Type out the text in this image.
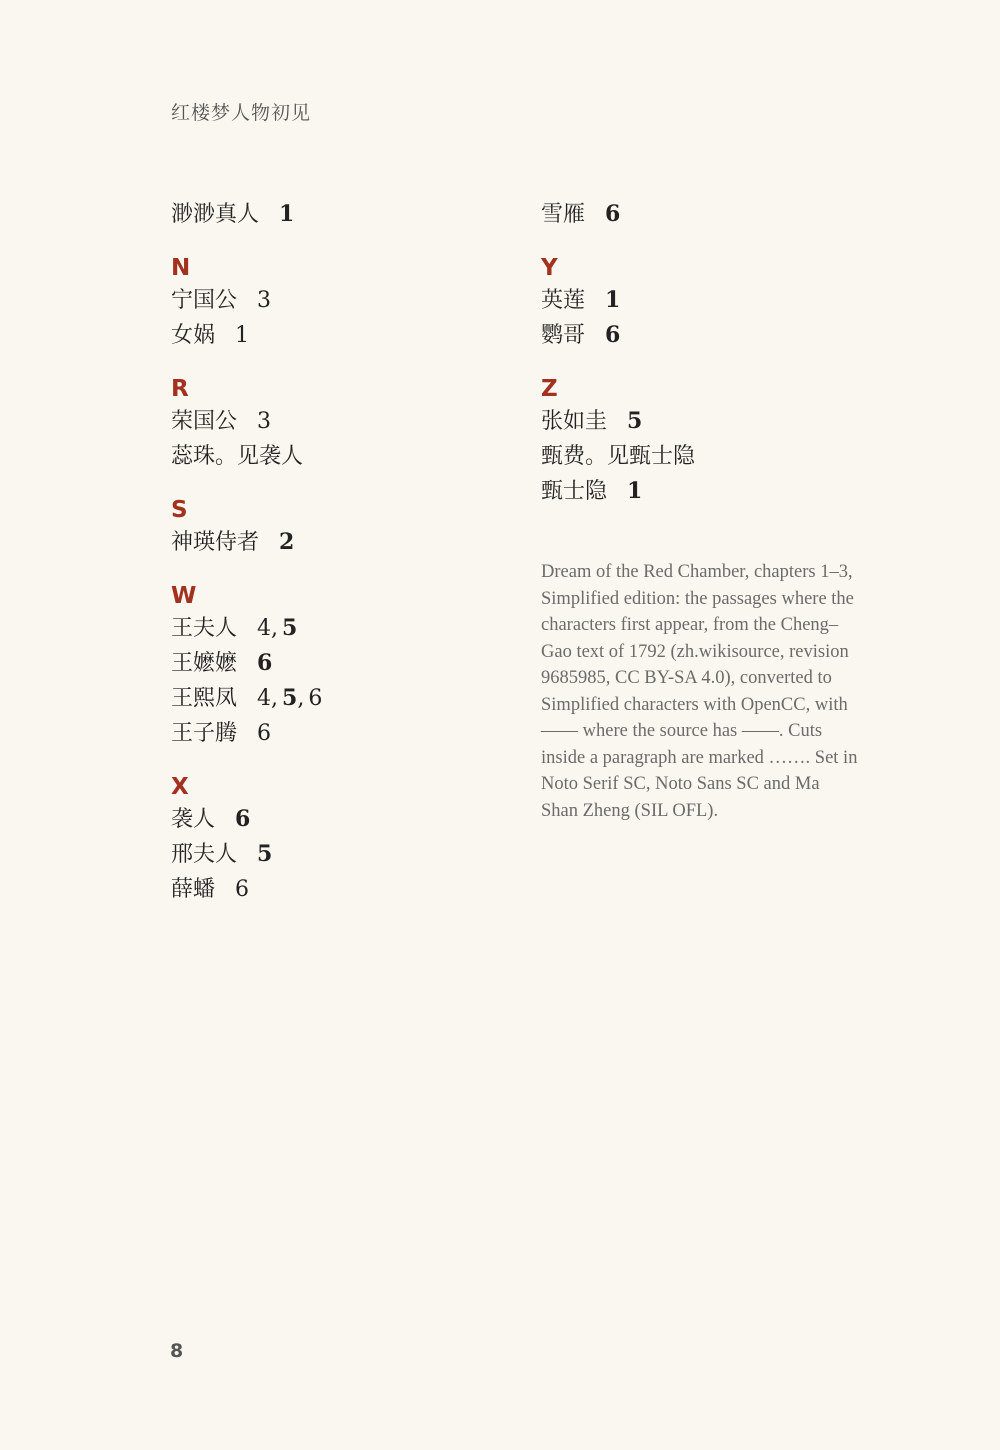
红楼梦人物初见
渺渺真人 1
N
宁国公 3
女娲 1
R
荣国公 3
蕊珠。见袭人
S
神瑛侍者 2
W
王夫人 4, 5
王嬷嬷 6
王熙凤 4, 5, 6
王子腾 6
X
袭人 6
邢夫人 5
薛蟠 6
雪雁 6
Y
英莲 1
鹦哥 6
Z
张如圭 5
甄费。见甄士隐
甄士隐 1
Dream of the Red Chamber, chapters 1–3, Simplified edition: the passages where the characters first appear, from the Cheng–Gao text of 1792 (zh.wikisource, revision 9685985, CC BY-SA 4.0), converted to Simplified characters with OpenCC, with —— where the source has ——. Cuts inside a paragraph are marked ……. Set in Noto Serif SC, Noto Sans SC and Ma Shan Zheng (SIL OFL).
8
